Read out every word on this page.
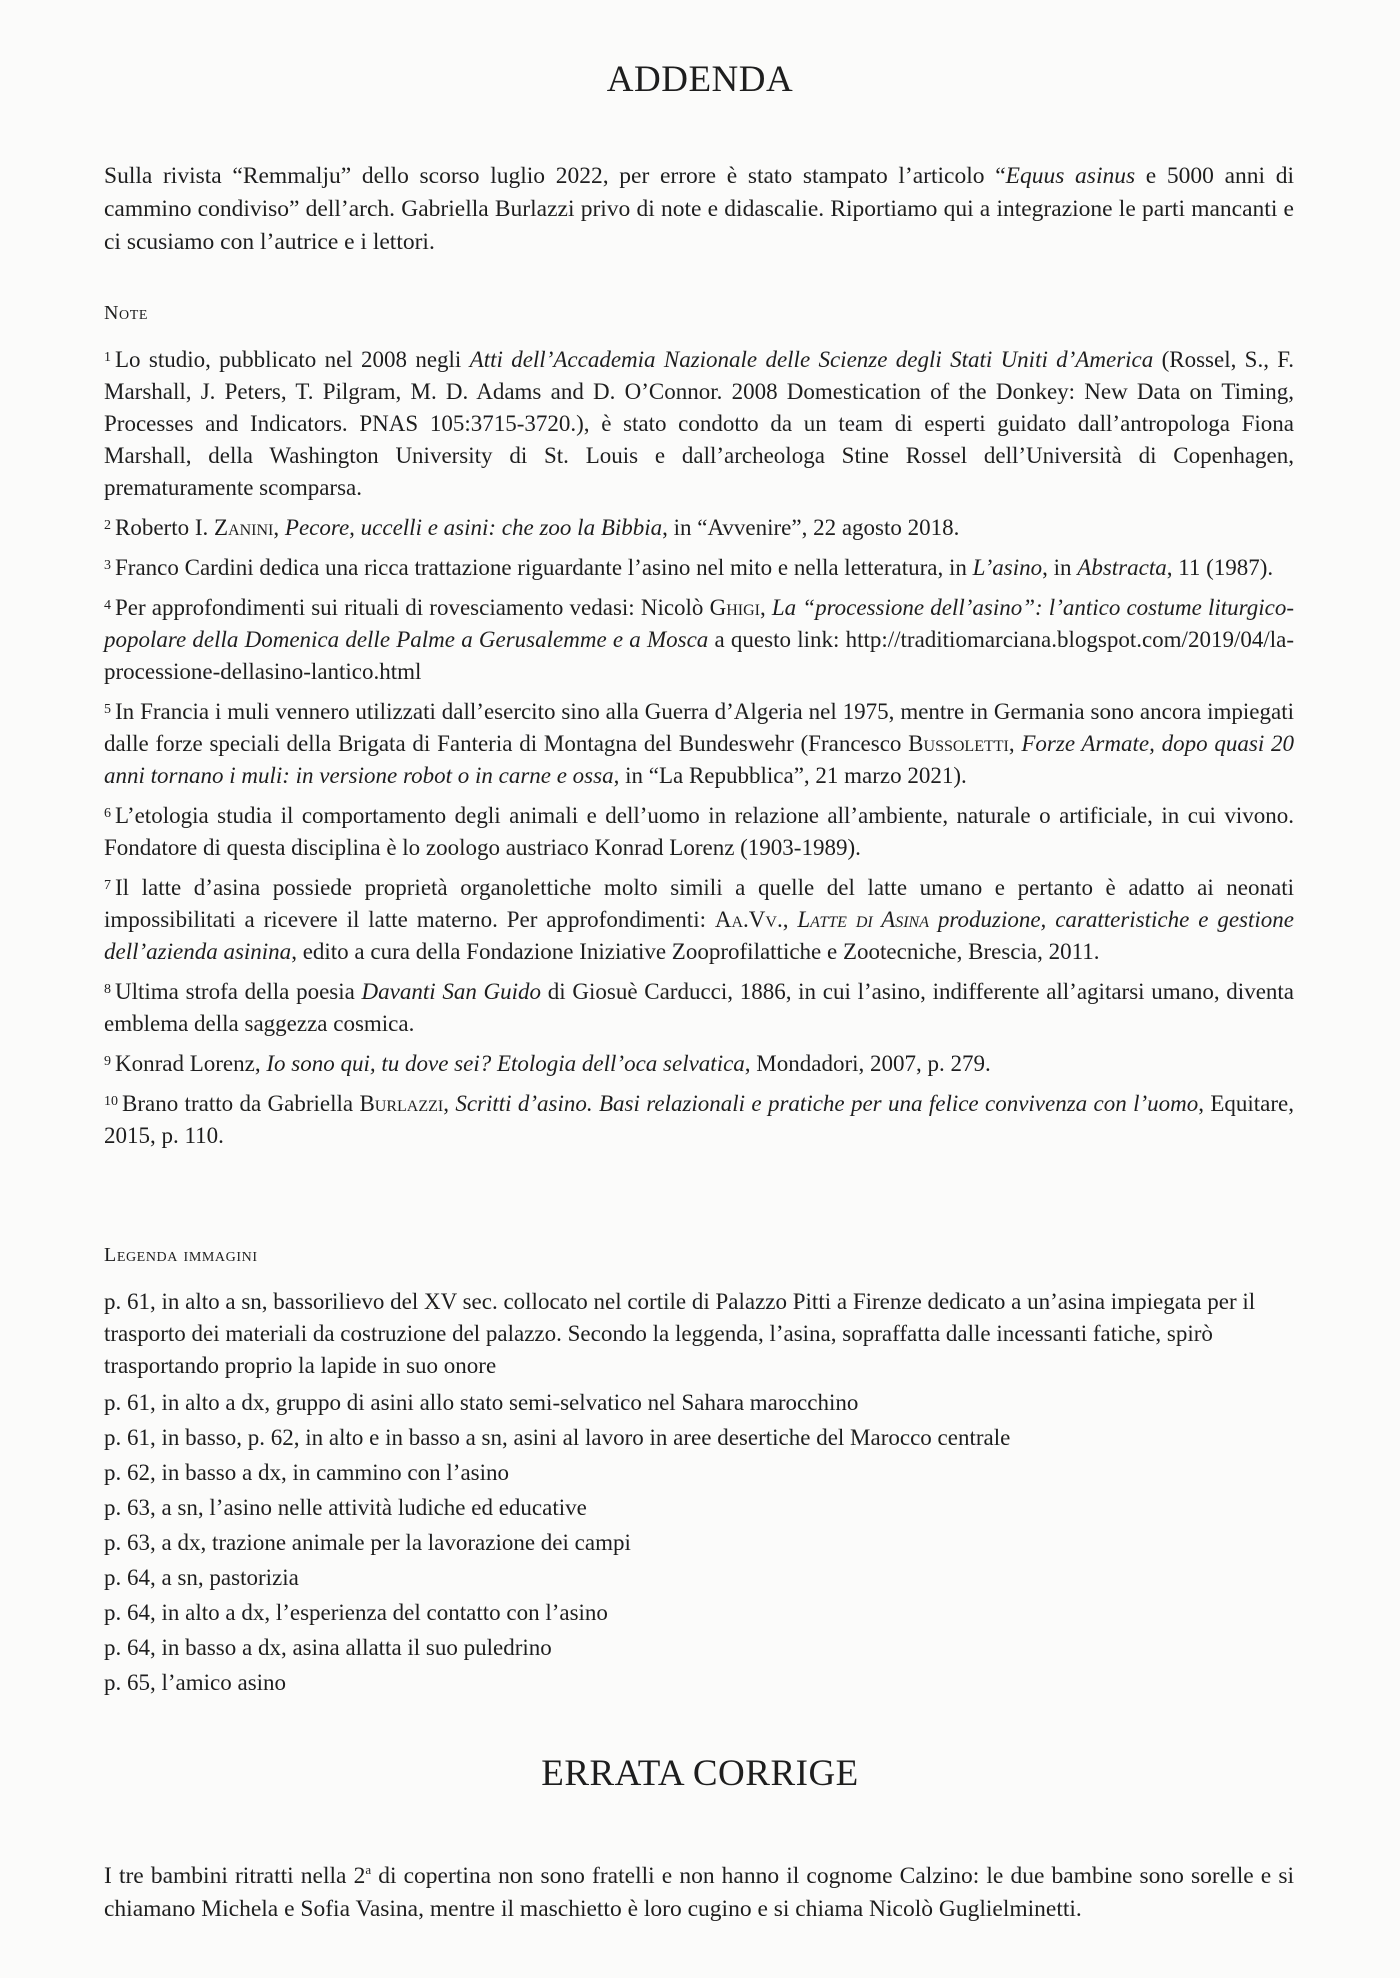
ADDENDA

Sulla rivista “Remmalju” dello scorso luglio 2022, per errore è stato stampato l’articolo “Equus asinus e 5000 anni di cammino condiviso” dell’arch. Gabriella Burlazzi privo di note e didascalie. Riportiamo qui a integrazione le parti mancanti e ci scusiamo con l’autrice e i lettori.

Note

$^1$ Lo studio, pubblicato nel 2008 negli Atti dell’Accademia Nazionale delle Scienze degli Stati Uniti d’America (Rossel, S., F. Marshall, J. Peters, T. Pilgram, M. D. Adams and D. O’Connor. 2008 Domestication of the Donkey: New Data on Timing, Processes and Indicators. PNAS 105:3715-3720.), è stato condotto da un team di esperti guidato dall’antropologa Fiona Marshall, della Washington University di St. Louis e dall’archeologa Stine Rossel dell’Università di Copenhagen, prematuramente scomparsa.

$^2$ Roberto I. Zanini, Pecore, uccelli e asini: che zoo la Bibbia, in “Avvenire”, 22 agosto 2018.

$^3$ Franco Cardini dedica una ricca trattazione riguardante l’asino nel mito e nella letteratura, in L’asino, in Abstracta, 11 (1987).

$^4$ Per approfondimenti sui rituali di rovesciamento vedasi: Nicolò Ghigi, La “processione dell’asino”: l’antico costume liturgico-popolare della Domenica delle Palme a Gerusalemme e a Mosca a questo link: http://traditiomarciana.blogspot.com/2019/04/la-processione-dellasino-lantico.html

$^5$ In Francia i muli vennero utilizzati dall’esercito sino alla Guerra d’Algeria nel 1975, mentre in Germania sono ancora impiegati dalle forze speciali della Brigata di Fanteria di Montagna del Bundeswehr (Francesco Bussoletti, Forze Armate, dopo quasi 20 anni tornano i muli: in versione robot o in carne e ossa, in “La Repubblica”, 21 marzo 2021).

$^6$ L’etologia studia il comportamento degli animali e dell’uomo in relazione all’ambiente, naturale o artificiale, in cui vivono. Fondatore di questa disciplina è lo zoologo austriaco Konrad Lorenz (1903-1989).

$^7$ Il latte d’asina possiede proprietà organolettiche molto simili a quelle del latte umano e pertanto è adatto ai neonati impossibilitati a ricevere il latte materno. Per approfondimenti: Aa.Vv., Latte di Asina produzione, caratteristiche e gestione dell’azienda asinina, edito a cura della Fondazione Iniziative Zooprofilattiche e Zootecniche, Brescia, 2011.

$^8$ Ultima strofa della poesia Davanti San Guido di Giosuè Carducci, 1886, in cui l’asino, indifferente all’agitarsi umano, diventa emblema della saggezza cosmica.

$^9$ Konrad Lorenz, Io sono qui, tu dove sei? Etologia dell’oca selvatica, Mondadori, 2007, p. 279.

$^{10}$ Brano tratto da Gabriella Burlazzi, Scritti d’asino. Basi relazionali e pratiche per una felice convivenza con l’uomo, Equitare, 2015, p. 110.

Legenda immagini

p. 61, in alto a sn, bassorilievo del XV sec. collocato nel cortile di Palazzo Pitti a Firenze dedicato a un’asina impiegata per il trasporto dei materiali da costruzione del palazzo. Secondo la leggenda, l’asina, sopraffatta dalle incessanti fatiche, spirò trasportando proprio la lapide in suo onore

p. 61, in alto a dx, gruppo di asini allo stato semi-selvatico nel Sahara marocchino

p. 61, in basso, p. 62, in alto e in basso a sn, asini al lavoro in aree desertiche del Marocco centrale

p. 62, in basso a dx, in cammino con l’asino

p. 63, a sn, l’asino nelle attività ludiche ed educative

p. 63, a dx, trazione animale per la lavorazione dei campi

p. 64, a sn, pastorizia

p. 64, in alto a dx, l’esperienza del contatto con l’asino

p. 64, in basso a dx, asina allatta il suo puledrino

p. 65, l’amico asino

ERRATA CORRIGE

I tre bambini ritratti nella 2$^a$ di copertina non sono fratelli e non hanno il cognome Calzino: le due bambine sono sorelle e si chiamano Michela e Sofia Vasina, mentre il maschietto è loro cugino e si chiama Nicolò Guglielminetti.
